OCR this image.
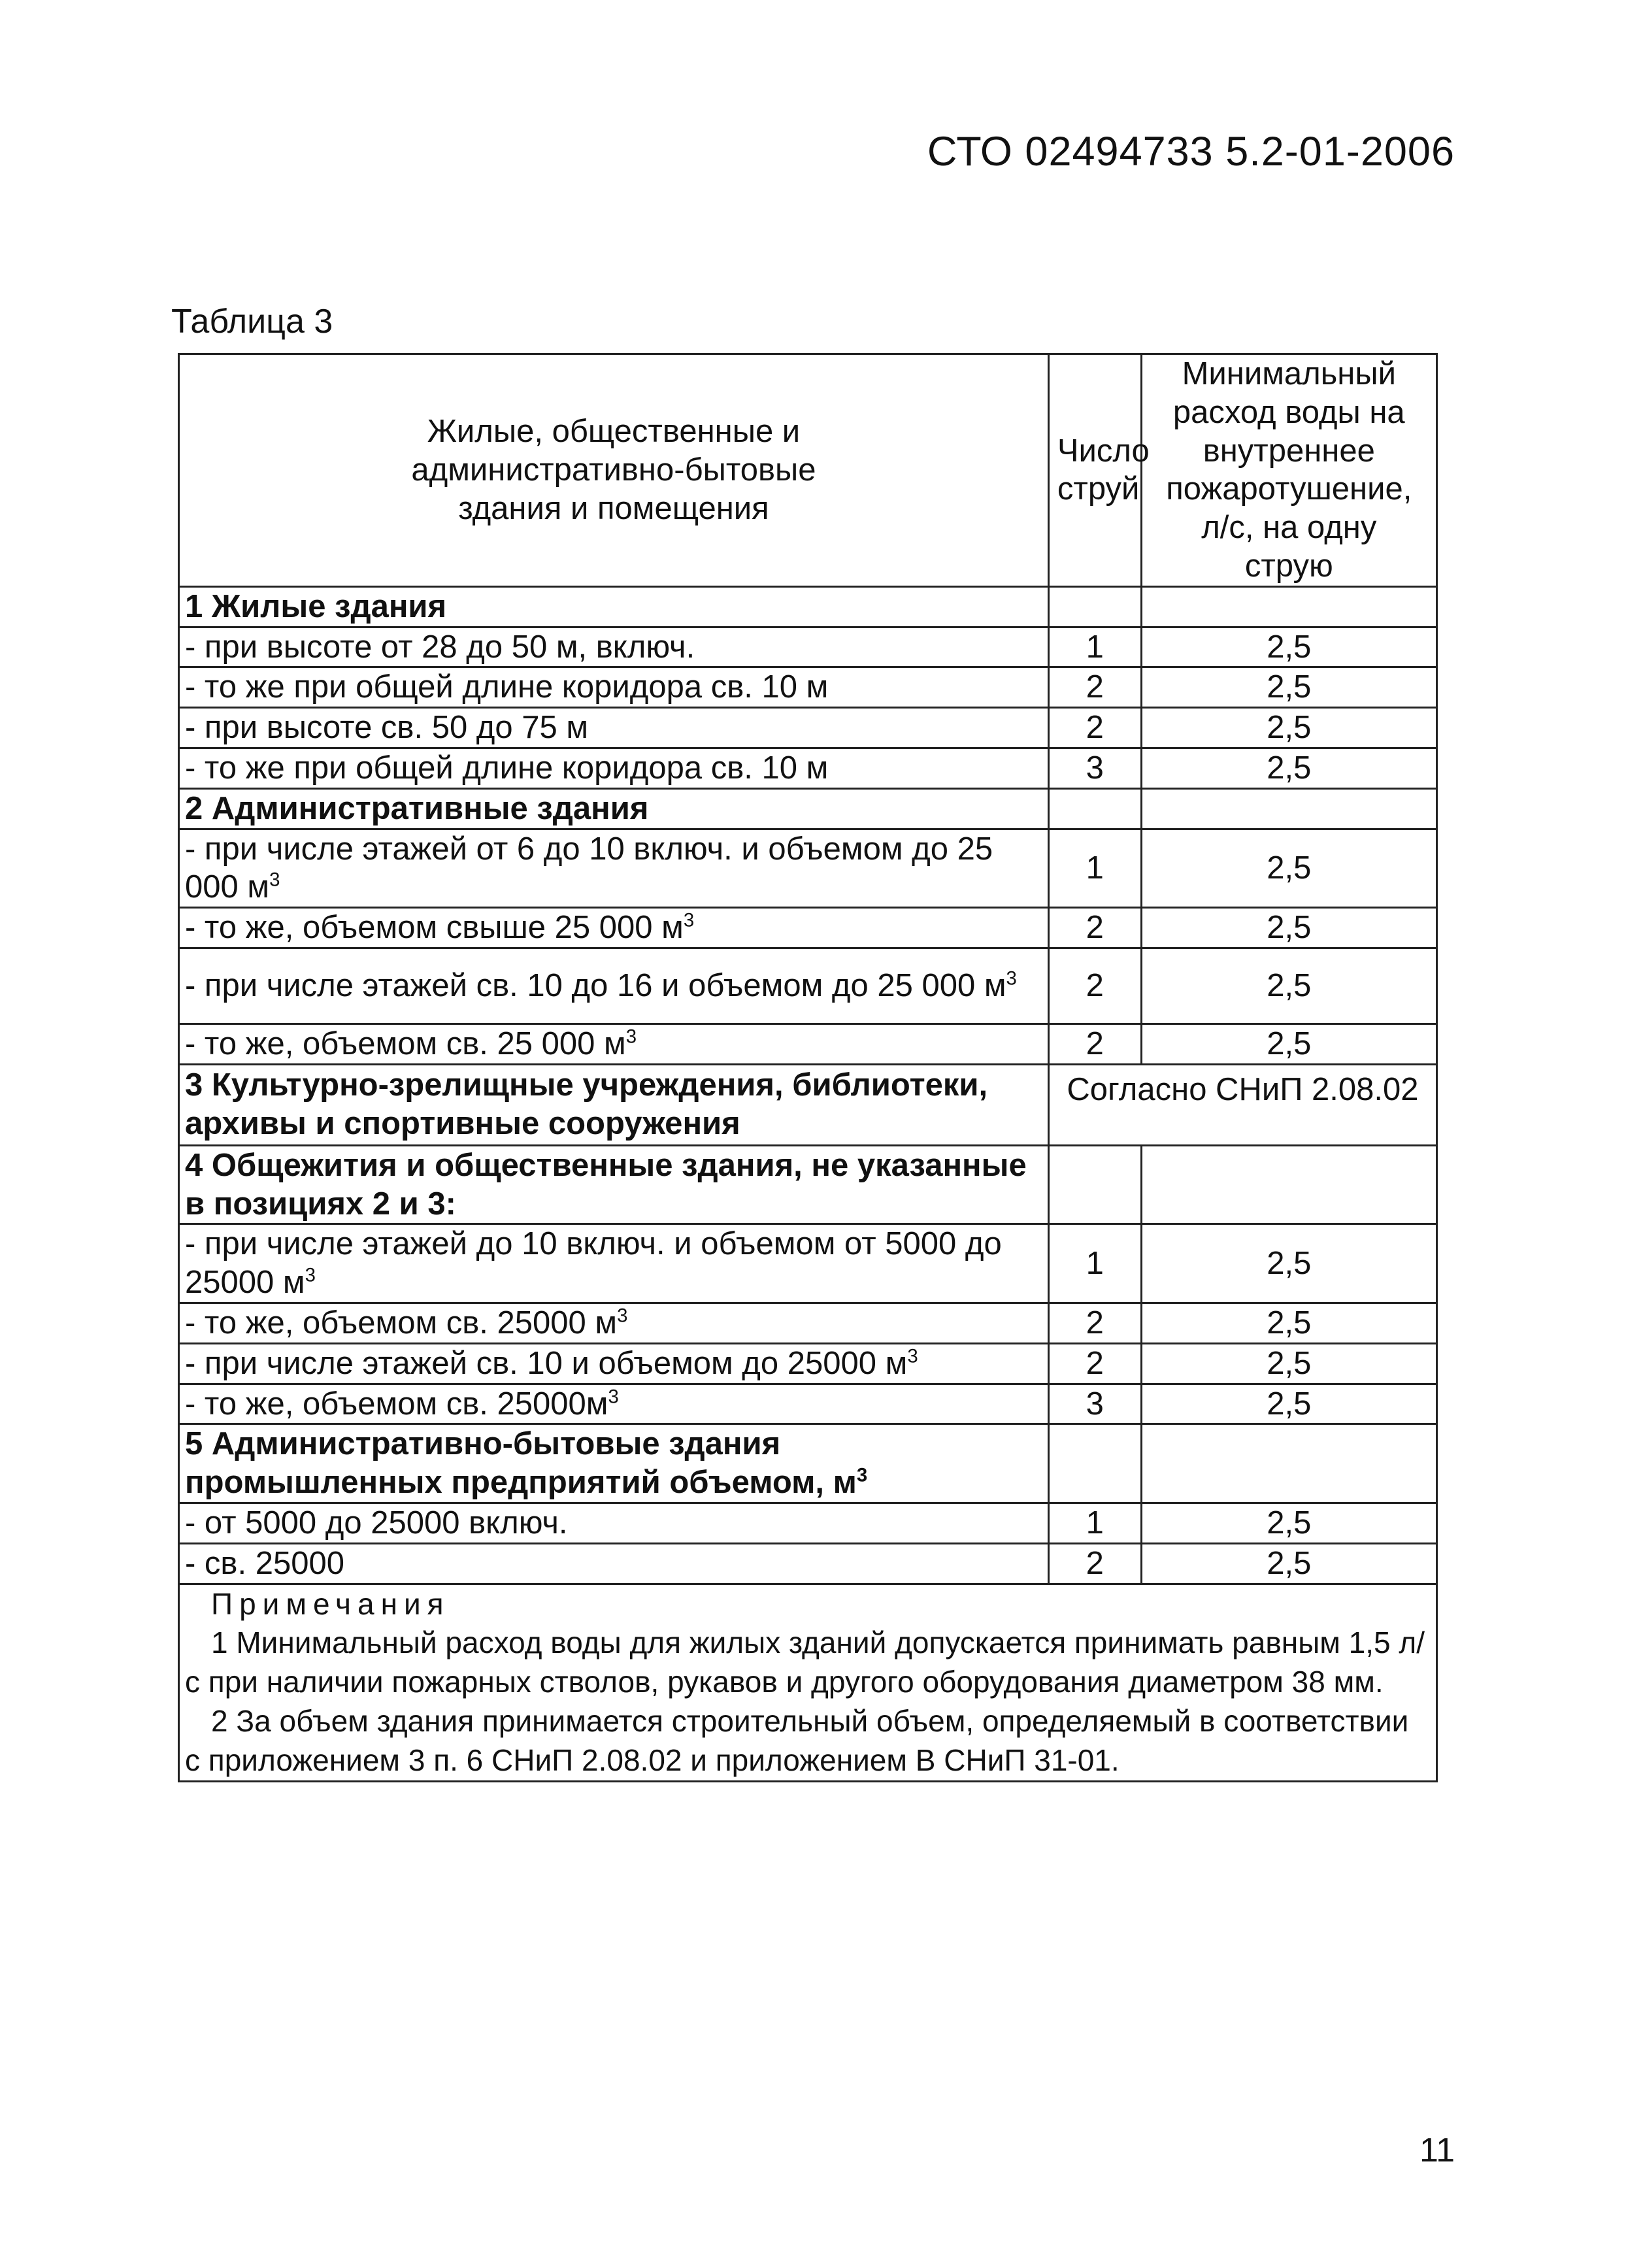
СТО 02494733 5.2-01-2006
Таблица 3
Жилые, общественные и административно-бытовые здания и помещения	Число струй	Минимальный расход воды на внутреннее пожаротушение, л/с, на одну струю
1 Жилые здания		
- при высоте от 28 до 50 м, включ.	1	2,5
- то же при общей длине коридора св. 10 м	2	2,5
- при высоте св. 50 до 75 м	2	2,5
- то же при общей длине коридора св. 10 м	3	2,5
2 Административные здания		
- при числе этажей от 6 до 10 включ. и объемом до 25 000 $м^3$	1	2,5
- то же, объемом свыше 25 000 $м^3$	2	2,5
- при числе этажей св. 10 до 16 и объемом до 25 000 $м^3$	2	2,5
- то же, объемом св. 25 000 $м^3$	2	2,5
3 Культурно-зрелищные учреждения, библиотеки, архивы и спортивные сооружения	Согласно СНиП 2.08.02	
4 Общежития и общественные здания, не указанные в позициях 2 и 3:		
- при числе этажей до 10 включ. и объемом от 5000 до 25000 $м^3$	1	2,5
- то же, объемом св. 25000 $м^3$	2	2,5
- при числе этажей св. 10 и объемом до 25000 $м^3$	2	2,5
- то же, объемом св. $25000м^3$	3	2,5
5 Административно-бытовые здания промышленных предприятий объемом, $м^3$		
- от 5000 до 25000 включ.	1	2,5
- св. 25000	2	2,5

Примечания
1 Минимальный расход воды для жилых зданий допускается принимать равным 1,5 л/с при наличии пожарных стволов, рукавов и другого оборудования диаметром 38 мм.
2 За объем здания принимается строительный объем, определяемый в соответствии с приложением 3 п. 6 СНиП 2.08.02 и приложением В СНиП 31-01.		
11
